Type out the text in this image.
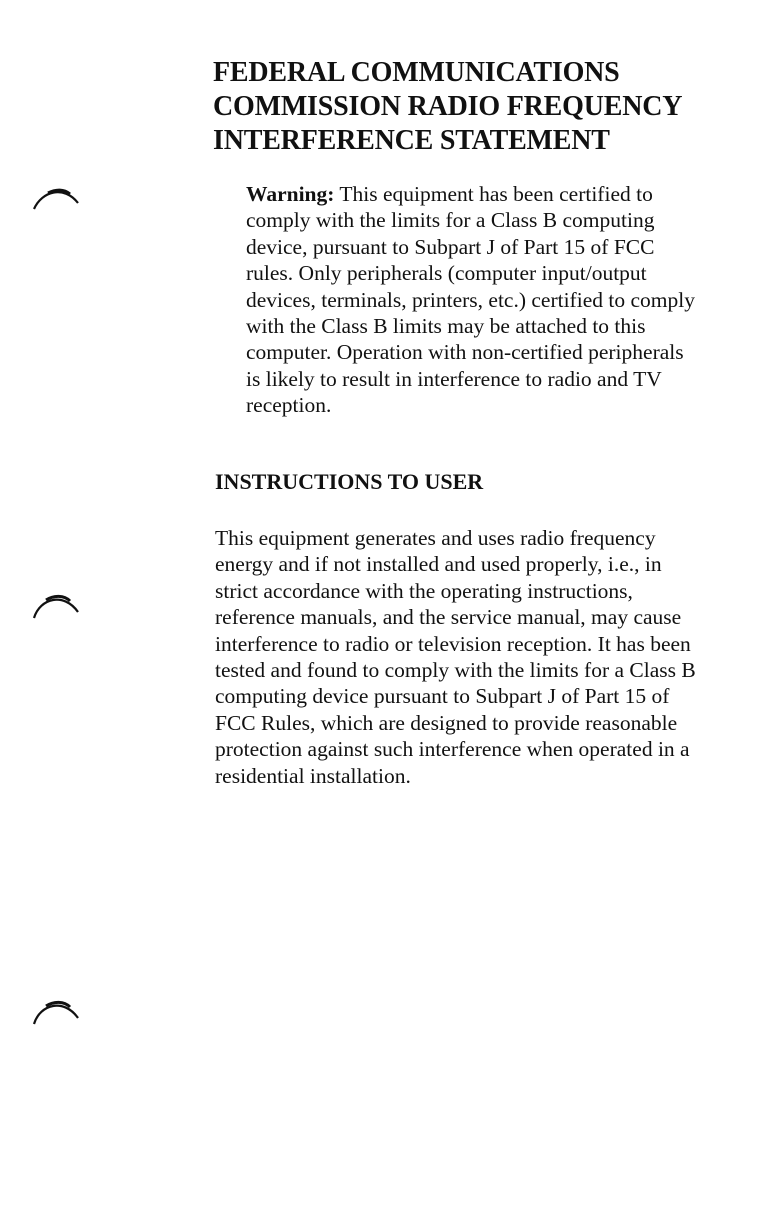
FEDERAL COMMUNICATIONS
COMMISSION RADIO FREQUENCY
INTERFERENCE STATEMENT

Warning: This equipment has been certified to
comply with the limits for a Class B computing
device, pursuant to Subpart J of Part 15 of FCC
rules. Only peripherals (computer input/output
devices, terminals, printers, etc.) certified to comply
with the Class B limits may be attached to this
computer. Operation with non-certified peripherals
is likely to result in interference to radio and TV
reception.

INSTRUCTIONS TO USER

This equipment generates and uses radio frequency
energy and if not installed and used properly, i.e., in
strict accordance with the operating instructions,
reference manuals, and the service manual, may cause
interference to radio or television reception. It has been
tested and found to comply with the limits for a Class B
computing device pursuant to Subpart J of Part 15 of
FCC Rules, which are designed to provide reasonable
protection against such interference when operated in a
residential installation.
